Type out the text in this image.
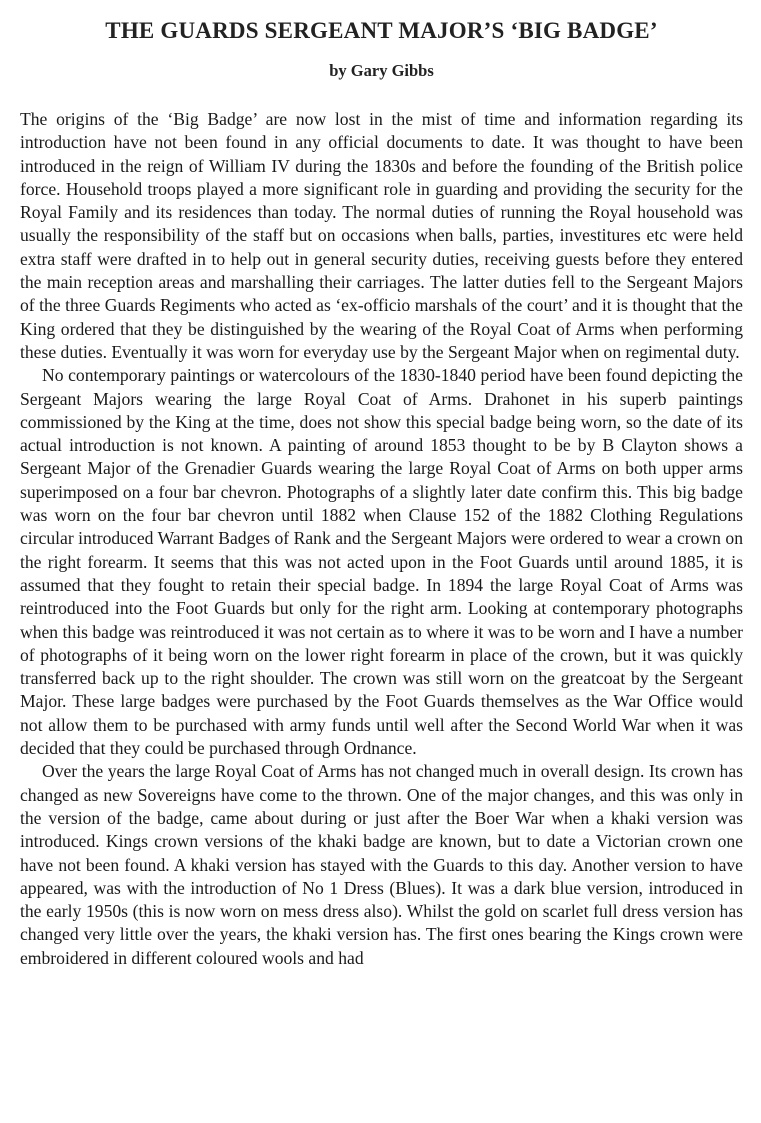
THE GUARDS SERGEANT MAJOR’S ‘BIG BADGE’
by Gary Gibbs

The origins of the ‘Big Badge’ are now lost in the mist of time and information regarding its introduction have not been found in any official documents to date. It was thought to have been introduced in the reign of William IV during the 1830s and before the founding of the British police force. Household troops played a more significant role in guarding and providing the security for the Royal Family and its residences than today. The normal duties of running the Royal household was usually the responsibility of the staff but on occasions when balls, parties, investitures etc were held extra staff were drafted in to help out in general security duties, receiving guests before they entered the main reception areas and marshalling their carriages. The latter duties fell to the Sergeant Majors of the three Guards Regiments who acted as ‘ex-officio marshals of the court’ and it is thought that the King ordered that they be distinguished by the wearing of the Royal Coat of Arms when performing these duties. Eventually it was worn for everyday use by the Sergeant Major when on regimental duty.

No contemporary paintings or watercolours of the 1830-1840 period have been found depicting the Sergeant Majors wearing the large Royal Coat of Arms. Drahonet in his superb paintings commissioned by the King at the time, does not show this special badge being worn, so the date of its actual introduction is not known. A painting of around 1853 thought to be by B Clayton shows a Sergeant Major of the Grenadier Guards wearing the large Royal Coat of Arms on both upper arms superimposed on a four bar chevron. Photographs of a slightly later date confirm this. This big badge was worn on the four bar chevron until 1882 when Clause 152 of the 1882 Clothing Regulations circular introduced Warrant Badges of Rank and the Sergeant Majors were ordered to wear a crown on the right forearm. It seems that this was not acted upon in the Foot Guards until around 1885, it is assumed that they fought to retain their special badge. In 1894 the large Royal Coat of Arms was reintroduced into the Foot Guards but only for the right arm. Looking at contemporary photographs when this badge was reintroduced it was not certain as to where it was to be worn and I have a number of photographs of it being worn on the lower right forearm in place of the crown, but it was quickly transferred back up to the right shoulder. The crown was still worn on the greatcoat by the Sergeant Major. These large badges were purchased by the Foot Guards themselves as the War Office would not allow them to be purchased with army funds until well after the Second World War when it was decided that they could be purchased through Ordnance.

Over the years the large Royal Coat of Arms has not changed much in overall design. Its crown has changed as new Sovereigns have come to the thrown. One of the major changes, and this was only in the version of the badge, came about during or just after the Boer War when a khaki version was introduced. Kings crown versions of the khaki badge are known, but to date a Victorian crown one have not been found. A khaki version has stayed with the Guards to this day. Another version to have appeared, was with the introduction of No 1 Dress (Blues). It was a dark blue version, introduced in the early 1950s (this is now worn on mess dress also). Whilst the gold on scarlet full dress version has changed very little over the years, the khaki version has. The first ones bearing the Kings crown were embroidered in different coloured wools and had
